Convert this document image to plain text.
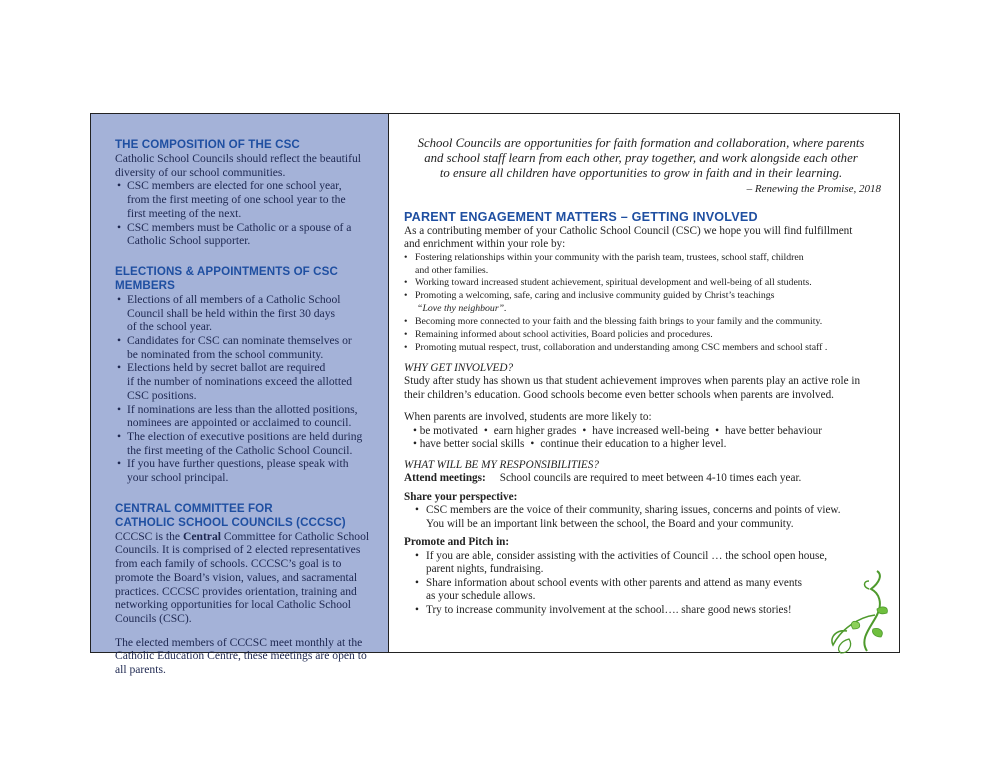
THE COMPOSITION OF THE CSC

Catholic School Councils should reflect the beautiful

diversity of our school communities.

• CSC members are elected for one school year,
from the first meeting of one school year to the
first meeting of the next.
• CSC members must be Catholic or a spouse of a
Catholic School supporter.
ELECTIONS & APPOINTMENTS OF CSC MEMBERS
• Elections of all members of a Catholic School
Council shall be held within the first 30 days
of the school year.
• Candidates for CSC can nominate themselves or
be nominated from the school community.
• Elections held by secret ballot are required
if the number of nominations exceed the allotted
CSC positions.
• If nominations are less than the allotted positions,
nominees are appointed or acclaimed to council.
• The election of executive positions are held during
the first meeting of the Catholic School Council.
• If you have further questions, please speak with
your school principal.
CENTRAL COMMITTEE FOR
CATHOLIC SCHOOL COUNCILS (CCCSC)

CCCSC is the Central Committee for Catholic School

Councils. It is comprised of 2 elected representatives

from each family of schools. CCCSC’s goal is to

promote the Board’s vision, values, and sacramental

practices. CCCSC provides orientation, training and

networking opportunities for local Catholic School

Councils (CSC).

The elected members of CCCSC meet monthly at the

Catholic Education Centre, these meetings are open to

all parents.

School Councils are opportunities for faith formation and collaboration, where parents
and school staff learn from each other, pray together, and work alongside each other
to ensure all children have opportunities to grow in faith and in their learning.
– Renewing the Promise, 2018
PARENT ENGAGEMENT MATTERS – GETTING INVOLVED

As a contributing member of your Catholic School Council (CSC) we hope you will find fulfillment

and enrichment within your role by:

• Fostering relationships within your community with the parish team, trustees, school staff, children
and other families.
• Working toward increased student achievement, spiritual development and well-being of all students.
• Promoting a welcoming, safe, caring and inclusive community guided by Christ’s teachings
“Love thy neighbour”.
• Becoming more connected to your faith and the blessing faith brings to your family and the community.
• Remaining informed about school activities, Board policies and procedures.
• Promoting mutual respect, trust, collaboration and understanding among CSC members and school staff .

WHY GET INVOLVED?

Study after study has shown us that student achievement improves when parents play an active role in

their children’s education. Good schools become even better schools when parents are involved.

When parents are involved, students are more likely to:

• be motivated • earn higher grades • have increased well-being • have better behaviour

• have better social skills • continue their education to a higher level.

WHAT WILL BE MY RESPONSIBILITIES?

Attend meetings: School councils are required to meet between 4-10 times each year.

Share your perspective:

• CSC members are the voice of their community, sharing issues, concerns and points of view.
You will be an important link between the school, the Board and your community.

Promote and Pitch in:

• If you are able, consider assisting with the activities of Council … the school open house,
parent nights, fundraising.
• Share information about school events with other parents and attend as many events
as your schedule allows.
• Try to increase community involvement at the school…. share good news stories!
